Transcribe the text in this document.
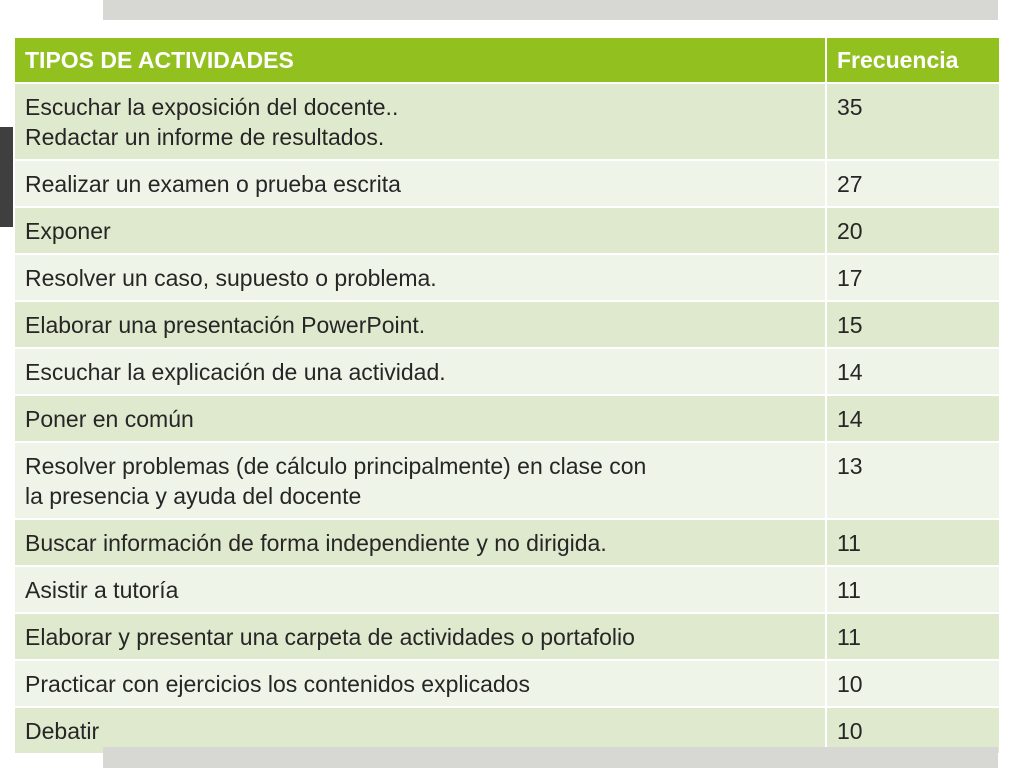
TIPOS DE ACTIVIDADES	Frecuencia

Escuchar la exposición del docente..
Redactar un informe de resultados.	35

Realizar un examen o prueba escrita	27

Exponer	20

Resolver un caso, supuesto o problema.	17

Elaborar una presentación PowerPoint.	15

Escuchar la explicación de una actividad.	14

Poner en común	14

Resolver problemas (de cálculo principalmente) en clase con
la presencia y ayuda del docente	13

Buscar información de forma independiente y no dirigida.	11

Asistir a tutoría	11

Elaborar y presentar una carpeta de actividades o portafolio	11

Practicar con ejercicios los contenidos explicados	10

Debatir	10
